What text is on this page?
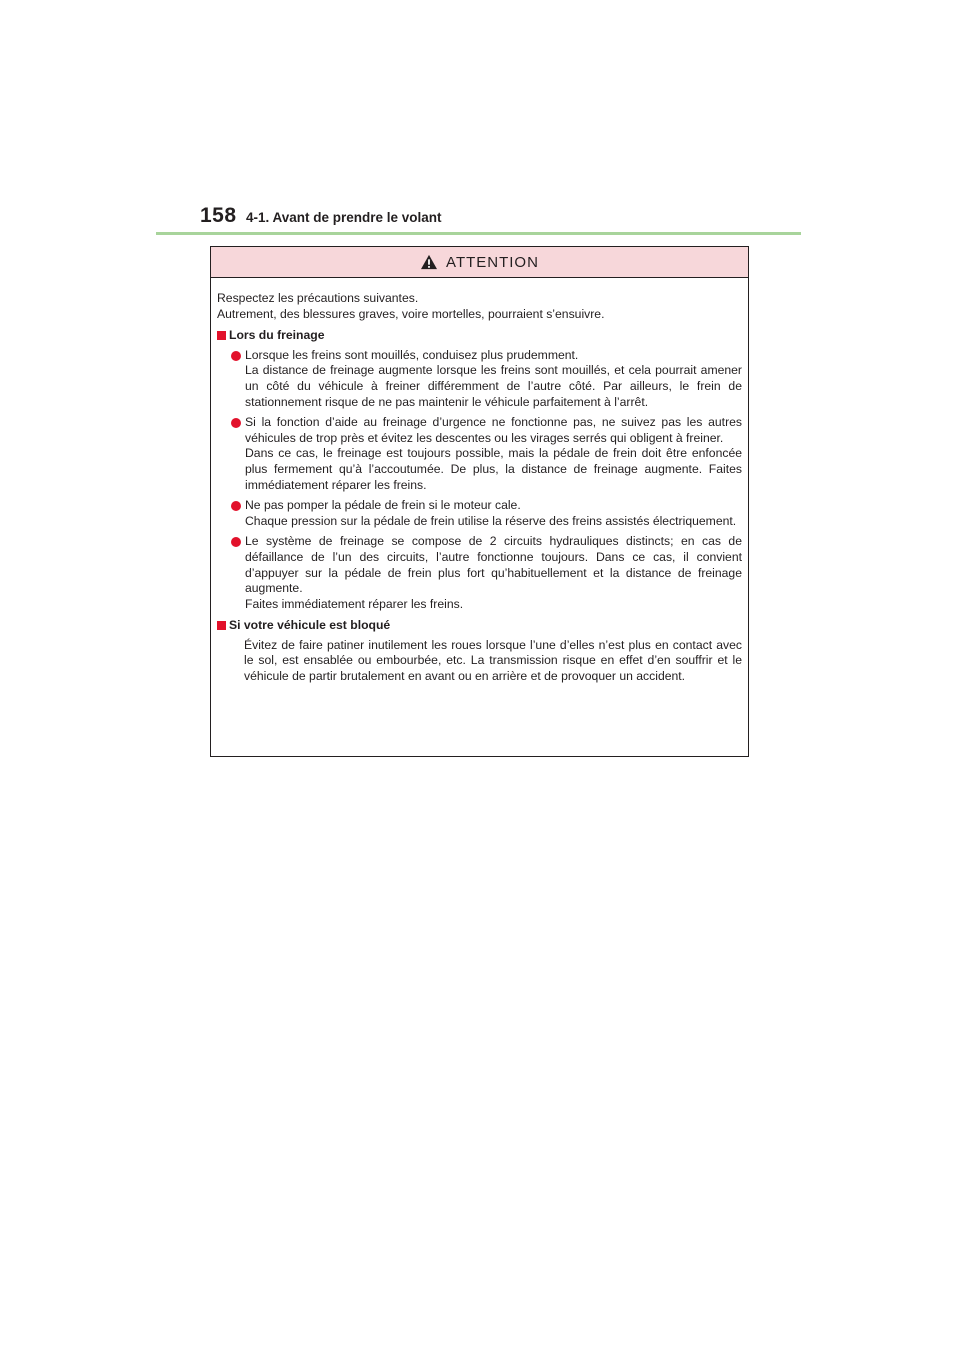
158 4-1. Avant de prendre le volant
ATTENTION

Respectez les précautions suivantes.

Autrement, des blessures graves, voire mortelles, pourraient s’ensuivre.

Lors du freinage
Lorsque les freins sont mouillés, conduisez plus prudemment.
La distance de freinage augmente lorsque les freins sont mouillés, et cela pourrait amener un côté du véhicule à freiner différemment de l’autre côté. Par ailleurs, le frein de stationnement risque de ne pas maintenir le véhicule parfaitement à l’arrêt.
Si la fonction d’aide au freinage d’urgence ne fonctionne pas, ne suivez pas les autres véhicules de trop près et évitez les descentes ou les virages serrés qui obligent à freiner.
Dans ce cas, le freinage est toujours possible, mais la pédale de frein doit être enfoncée plus fermement qu’à l’accoutumée. De plus, la distance de freinage augmente. Faites immédiatement réparer les freins.
Ne pas pomper la pédale de frein si le moteur cale.
Chaque pression sur la pédale de frein utilise la réserve des freins assistés électriquement.
Le système de freinage se compose de 2 circuits hydrauliques distincts; en cas de défaillance de l’un des circuits, l’autre fonctionne toujours. Dans ce cas, il convient d’appuyer sur la pédale de frein plus fort qu’habituellement et la distance de freinage augmente.
Faites immédiatement réparer les freins.
Si votre véhicule est bloqué

Évitez de faire patiner inutilement les roues lorsque l’une d’elles n’est plus en contact avec le sol, est ensablée ou embourbée, etc. La transmission risque en effet d’en souffrir et le véhicule de partir brutalement en avant ou en arrière et de provoquer un accident.
